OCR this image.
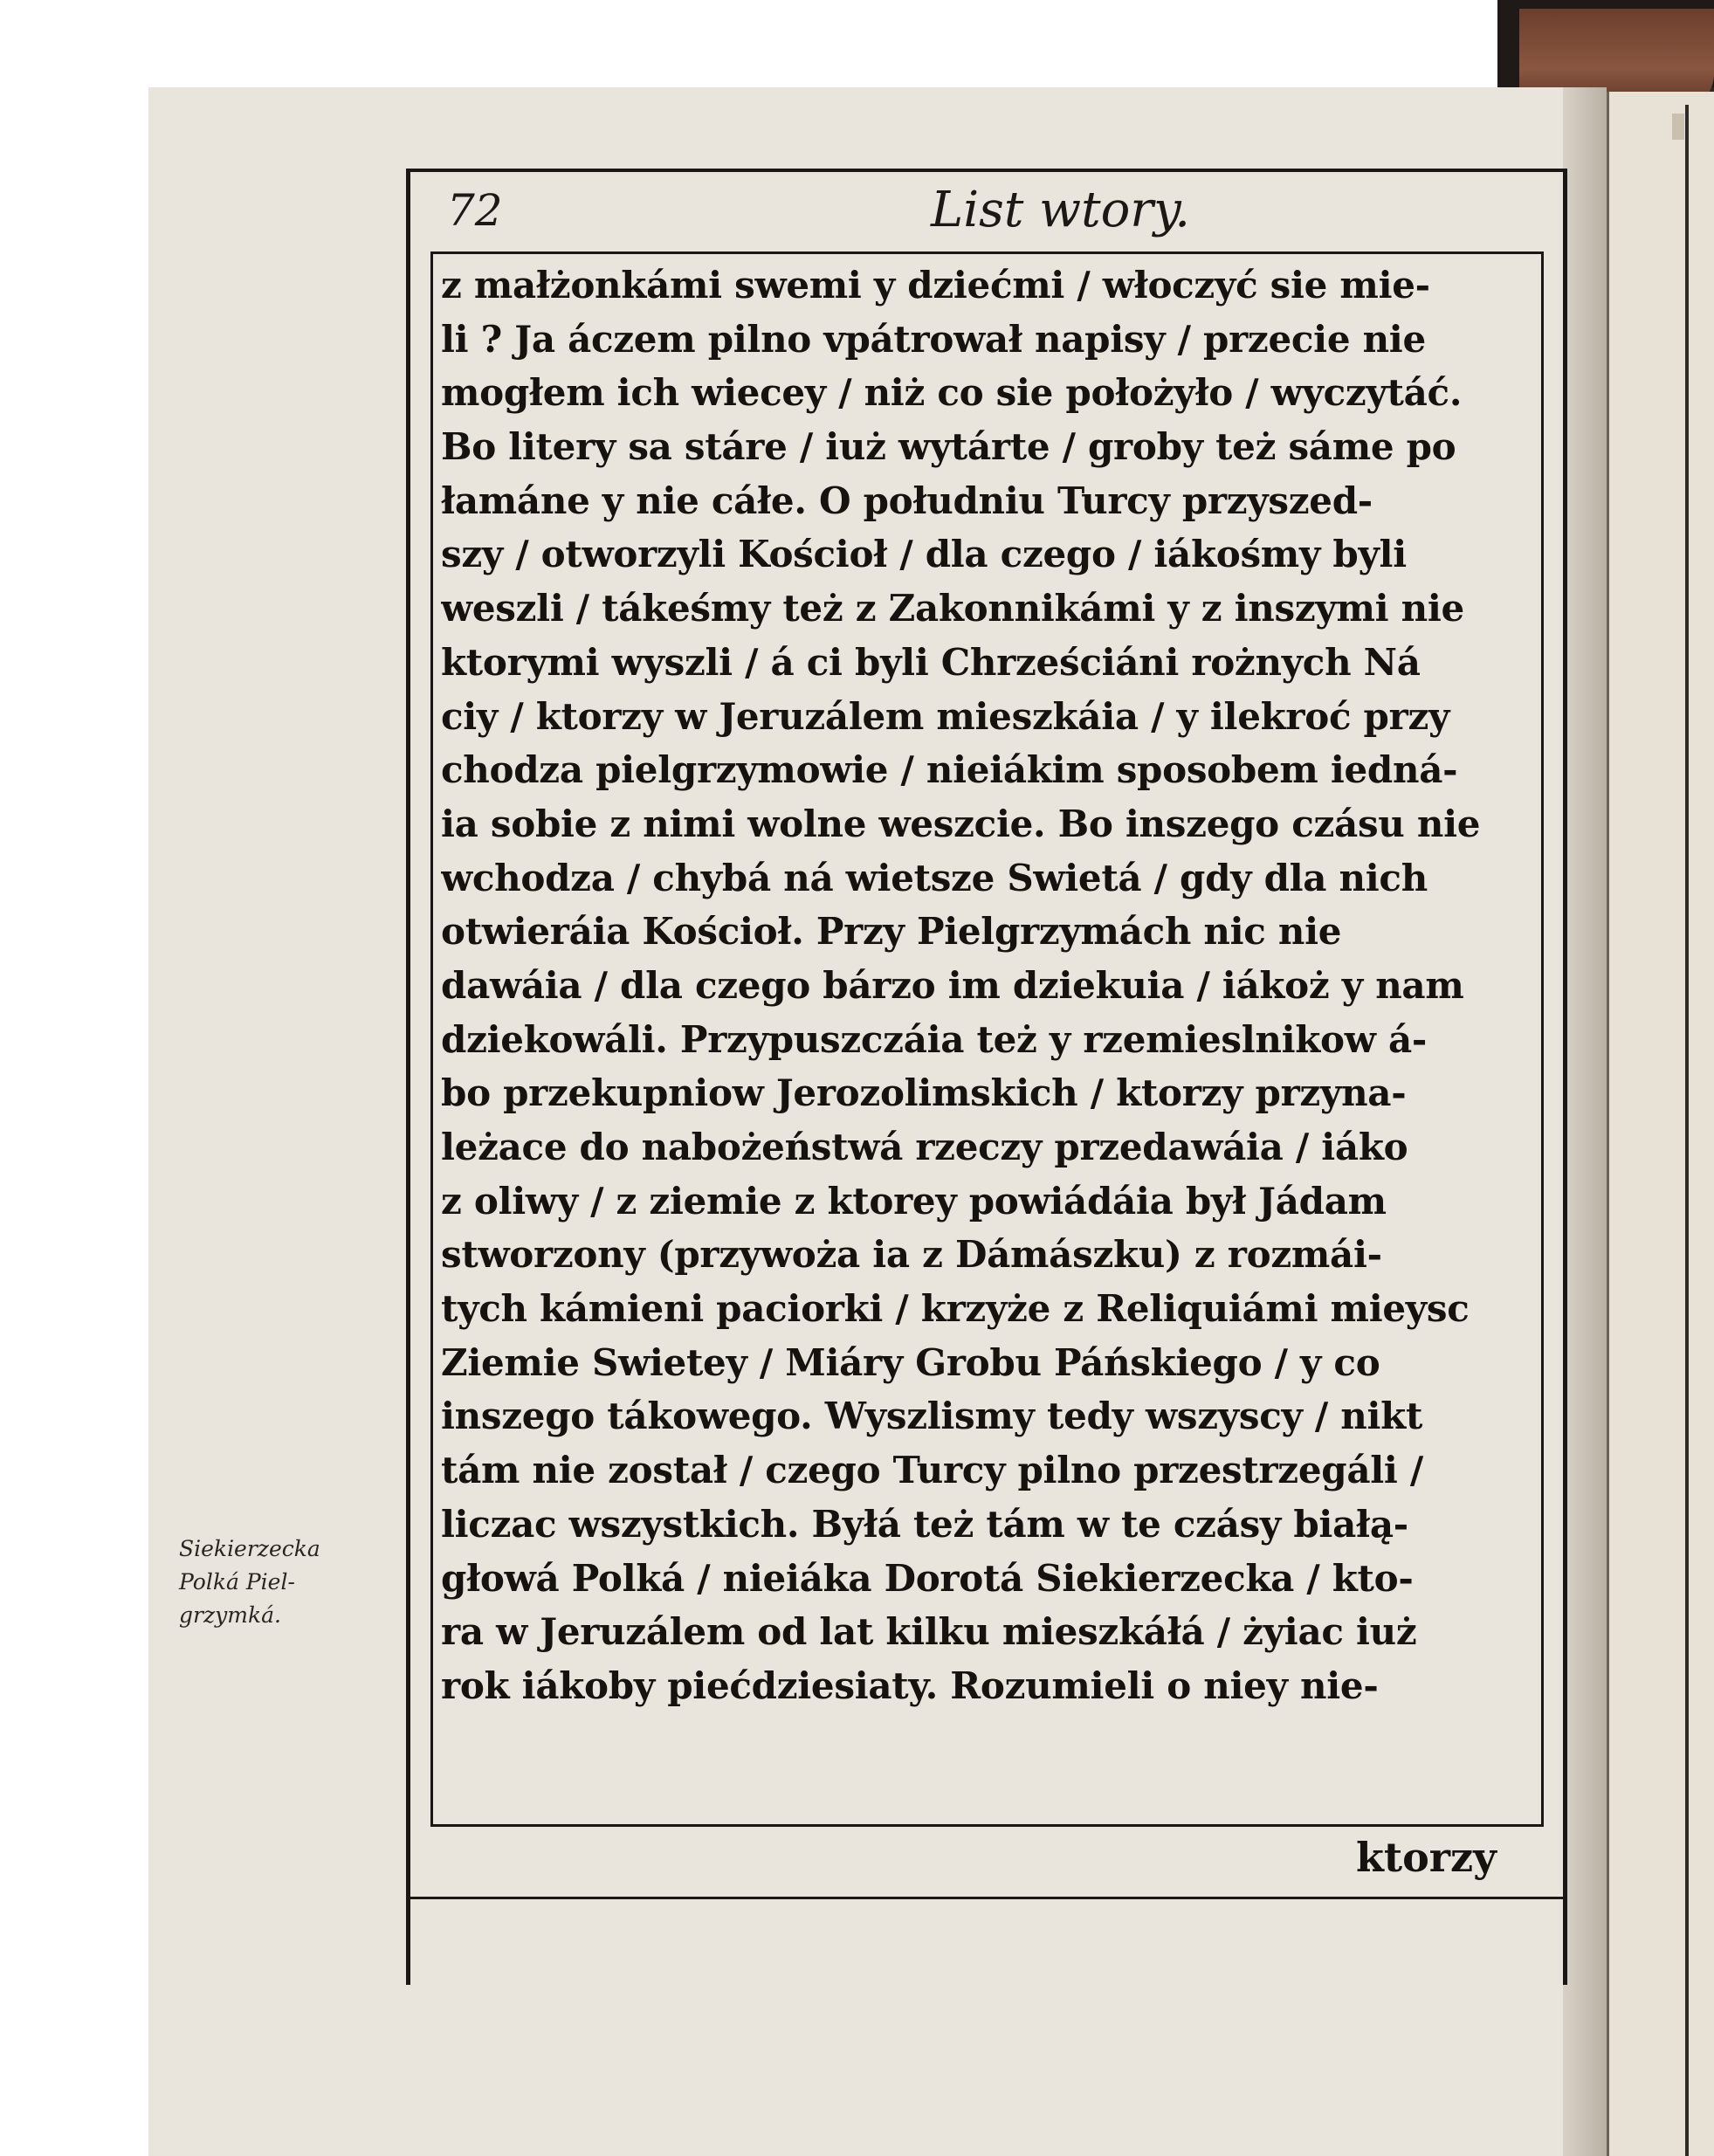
72	List wtory.
z małżonkámi swemi y dziećmi / włoczyć sie mie-
li ? Ja áczem pilno vpátrował napisy / przecie nie
mogłem ich wiecey / niż co sie położyło / wyczytáć.
Bo litery sa stáre / iuż wytárte / groby też sáme po
łamáne y nie cáłe. O południu Turcy przyszed-
szy / otworzyli Kościoł / dla czego / iákośmy byli
weszli / tákeśmy też z Zakonnikámi y z inszymi nie
ktorymi wyszli / á ci byli Chrześciáni rożnych Ná
ciy / ktorzy w Jeruzálem mieszkáia / y ilekroć przy
chodza pielgrzymowie / nieiákim sposobem iedná-
ia sobie z nimi wolne weszcie. Bo inszego czásu nie
wchodza / chybá ná wietsze Swietá / gdy dla nich
otwieráia Kościoł. Przy Pielgrzymách nic nie
dawáia / dla czego bárzo im dziekuia / iákoż y nam
dziekowáli. Przypuszczáia też y rzemieslnikow á-
bo przekupniow Jerozolimskich / ktorzy przyna-
leżace do nabożeństwá rzeczy przedawáia / iáko
z oliwy / z ziemie z ktorey powiádáia był Jádam
stworzony (przywoża ia z Dámászku) z rozmái-
tych kámieni paciorki / krzyże z Reliquiámi mieysc
Ziemie Swietey / Miáry Grobu Páńskiego / y co
inszego tákowego. Wyszlismy tedy wszyscy / nikt
tám nie został / czego Turcy pilno przestrzegáli /
liczac wszystkich. Byłá też tám w te czásy białą-
głowá Polká / nieiáka Dorotá Siekierzecka / kto-
ra w Jeruzálem od lat kilku mieszkáłá / żyiac iuż
rok iákoby piećdziesiaty. Rozumieli o niey nie-
ktorzy
Siekierzecka
Polká Piel-
grzymká.
